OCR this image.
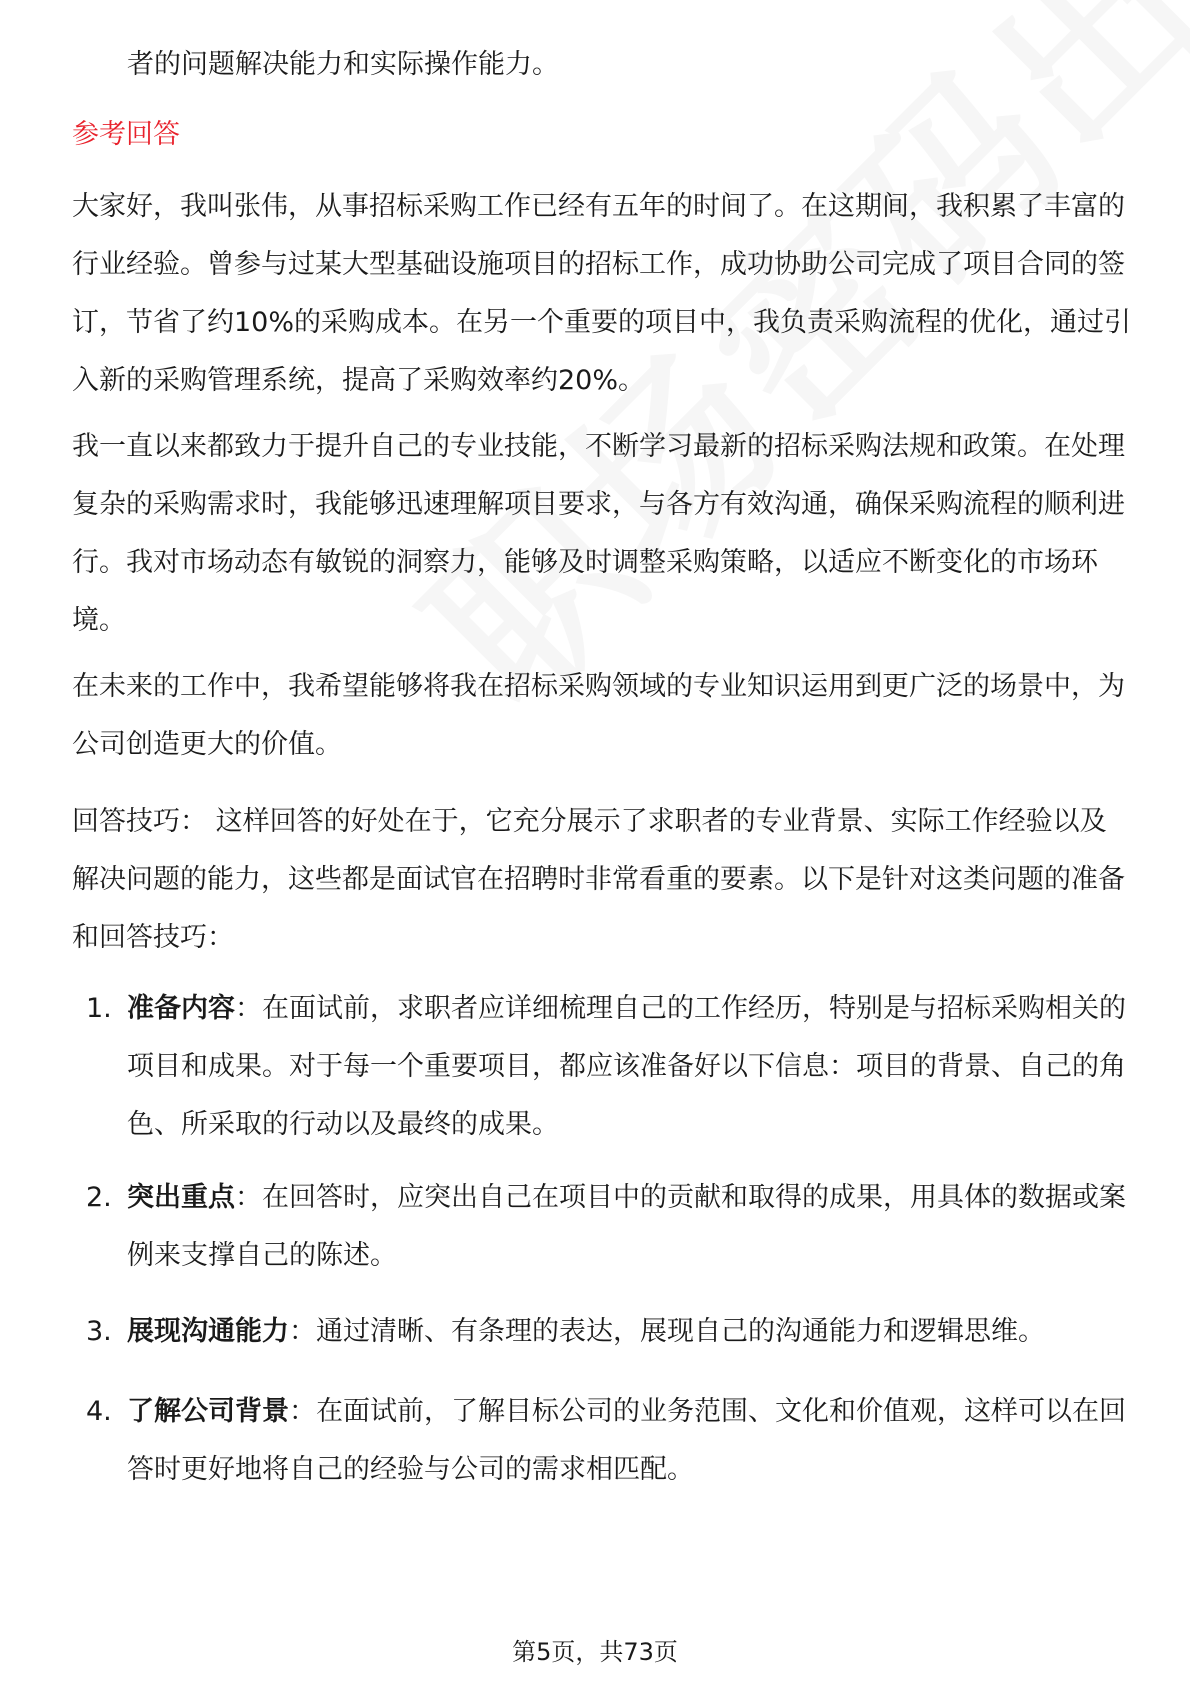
者的问题解决能力和实际操作能力。

参考回答

大家好，我叫张伟，从事招标采购工作已经有五年的时间了。在这期间，我积累了丰富的行业经验。曾参与过某大型基础设施项目的招标工作，成功协助公司完成了项目合同的签订，节省了约10%的采购成本。在另一个重要的项目中，我负责采购流程的优化，通过引入新的采购管理系统，提高了采购效率约20%。

我一直以来都致力于提升自己的专业技能，不断学习最新的招标采购法规和政策。在处理复杂的采购需求时，我能够迅速理解项目要求，与各方有效沟通，确保采购流程的顺利进行。我对市场动态有敏锐的洞察力，能够及时调整采购策略，以适应不断变化的市场环境。

在未来的工作中，我希望能够将我在招标采购领域的专业知识运用到更广泛的场景中，为公司创造更大的价值。

回答技巧： 这样回答的好处在于，它充分展示了求职者的专业背景、实际工作经验以及解决问题的能力，这些都是面试官在招聘时非常看重的要素。以下是针对这类问题的准备和回答技巧：

1. 准备内容：在面试前，求职者应详细梳理自己的工作经历，特别是与招标采购相关的项目和成果。对于每一个重要项目，都应该准备好以下信息：项目的背景、自己的角色、所采取的行动以及最终的成果。
2. 突出重点：在回答时，应突出自己在项目中的贡献和取得的成果，用具体的数据或案例来支撑自己的陈述。
3. 展现沟通能力：通过清晰、有条理的表达，展现自己的沟通能力和逻辑思维。
4. 了解公司背景：在面试前，了解目标公司的业务范围、文化和价值观，这样可以在回答时更好地将自己的经验与公司的需求相匹配。
第5页，共73页
